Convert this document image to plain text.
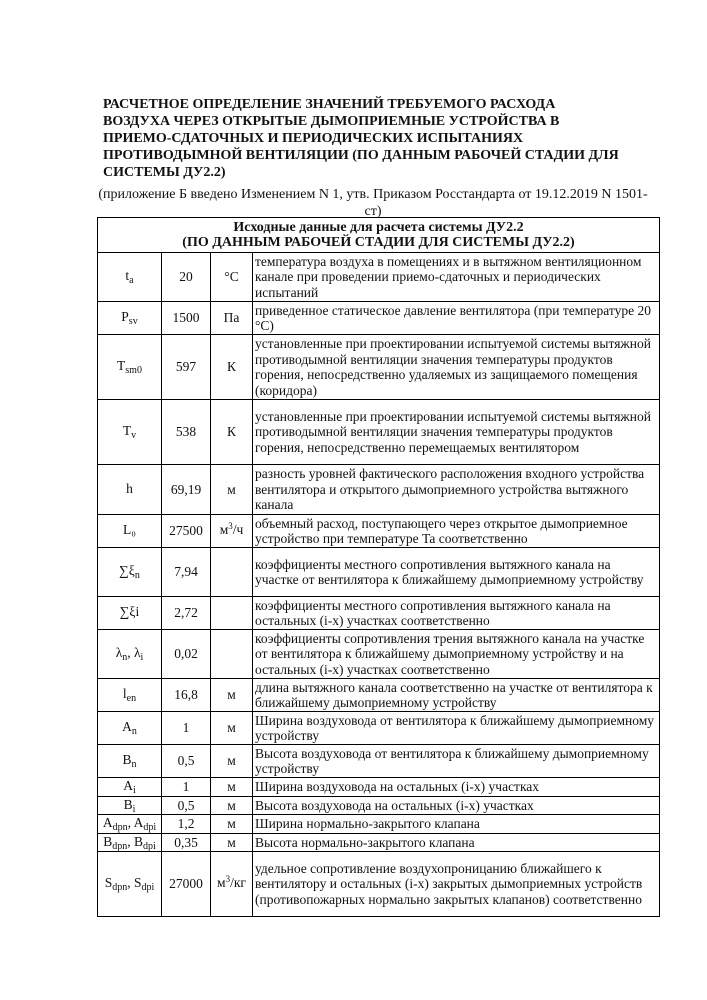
РАСЧЕТНОЕ ОПРЕДЕЛЕНИЕ ЗНАЧЕНИЙ ТРЕБУЕМОГО РАСХОДА ВОЗДУХА ЧЕРЕЗ ОТКРЫТЫЕ ДЫМОПРИЕМНЫЕ УСТРОЙСТВА В ПРИЕМО-СДАТОЧНЫХ И ПЕРИОДИЧЕСКИХ ИСПЫТАНИЯХ ПРОТИВОДЫМНОЙ ВЕНТИЛЯЦИИ (ПО ДАННЫМ РАБОЧЕЙ СТАДИИ ДЛЯ СИСТЕМЫ ДУ2.2)
(приложение Б введено Изменением N 1, утв. Приказом Росстандарта от 19.12.2019 N 1501-ст)
Исходные данные для расчета системы ДУ2.2
(ПО ДАННЫМ РАБОЧЕЙ СТАДИИ ДЛЯ СИСТЕМЫ ДУ2.2)			

$t_a$	20	°C	температура воздуха в помещениях и в вытяжном вентиляционном канале при проведении приемо-сдаточных и периодических испытаний
$P_{sv}$	1500	Па	приведенное статическое давление вентилятора (при температуре 20 °C)
$T_{sm0}$	597	К	установленные при проектировании испытуемой системы вытяжной противодымной вентиляции значения температуры продуктов горения, непосредственно удаляемых из защищаемого помещения (коридора)
$T_v$	538	К	установленные при проектировании испытуемой системы вытяжной противодымной вентиляции значения температуры продуктов горения, непосредственно перемещаемых вентилятором
h	69,19	м	разность уровней фактического расположения входного устройства вентилятора и открытого дымоприемного устройства вытяжного канала
L₀	27500	$м^3/ч$	объемный расход, поступающего через открытое дымоприемное устройство при температуре Ta соответственно
$\sum\xi_n$	7,94		коэффициенты местного сопротивления вытяжного канала на участке от вентилятора к ближайшему дымоприемному устройству
∑ξi	2,72		коэффициенты местного сопротивления вытяжного канала на остальных (i-х) участках соответственно
$\lambda_n$, $\lambda_i$	0,02		коэффициенты сопротивления трения вытяжного канала на участке от вентилятора к ближайшему дымоприемному устройству и на остальных (i-х) участках соответственно
$l_{en}$	16,8	м	длина вытяжного канала соответственно на участке от вентилятора к ближайшему дымоприемному устройству
$A_n$	1	м	Ширина воздуховода от вентилятора к ближайшему дымоприемному устройству
$B_n$	0,5	м	Высота воздуховода от вентилятора к ближайшему дымоприемному устройству
$A_i$	1	м	Ширина воздуховода на остальных (i-х) участках
$B_i$	0,5	м	Высота воздуховода на остальных (i-х) участках
$A_{dpn}$, $A_{dpi}$	1,2	м	Ширина нормально-закрытого клапана
$B_{dpn}$, $B_{dpi}$	0,35	м	Высота нормально-закрытого клапана
$S_{dpn}$, $S_{dpi}$	27000	$м^3/кг$	удельное сопротивление воздухопроницанию ближайшего к вентилятору и остальных (i-х) закрытых дымоприемных устройств (противопожарных нормально закрытых клапанов) соответственно
